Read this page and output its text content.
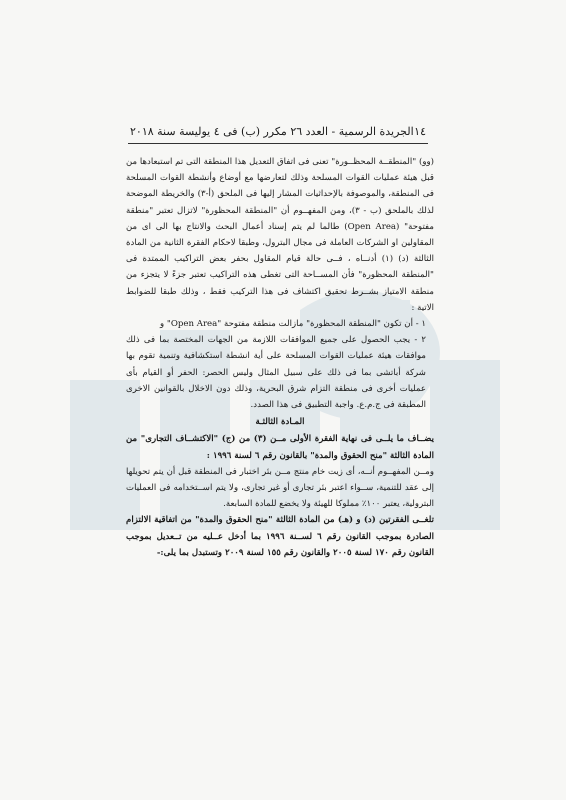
١٤
الجريدة الرسمية - العدد ٢٦ مكرر (ب) فى ٤ يوليسة سنة ٢٠١٨

(وو) "المنطقــة المحظــورة" تعنى فى اتفاق التعديل هذا المنطقة التى تم استبعادها من قبل هيئة عمليات القوات المسلحة وذلك لتعارضها مع أوضاع وأنشطة القوات المسلحة فى المنطقة، والموصوفة بالإحداثيات المشار إليها فى الملحق (أ-٣) والخريطة الموضحة لذلك بالملحق (ب - ٣)، ومن المفهــوم أن "المنطقة المحظورة" لاتزال تعتبر "منطقة مفتوحة" (Open Area) طالما لم يتم إسناد أعمال البحث والانتاج بها الى اى من المقاولين او الشركات العاملة فى مجال البترول، وطبقا لاحكام الفقرة الثانية من المادة الثالثة (د) (١) أدنــاه ، فــى حالة قيام المقاول بحفر بعض التراكيب الممتدة فى "المنطقة المحظورة" فأن المســاحة التى تغطى هذه التراكيب تعتبر جزءً لا يتجزء من منطقة الامتياز بشــرط تحقيق اكتشاف فى هذا التركيب فقط ، وذلك طبقا للضوابط الاتية :

١ - أن تكون "المنطقة المحظورة" مازالت منطقة مفتوحة "Open Area" و

٢ - يجب الحصول على جميع الموافقات اللازمة من الجهات المختصة بما فى ذلك موافقات هيئة عمليات القوات المسلحة على أية انشطة استكشافية وتنمية تقوم بها شركة أباتشى بما فى ذلك على سبيل المثال وليس الحصر: الحفر أو القيام بأى عمليات أخرى فى منطقة التزام شرق البحرية، وذلك دون الاخلال بالقوانين الاخرى المطبقة فى ج.م.ع. واجبة التطبيق فى هذا الصدد.

المـادة الثالثـة

يضــاف ما يلــى فى نهاية الفقرة الأولى مــن (٣) من (ج) "الاكتشــاف التجارى" من المادة الثالثة "منح الحقوق والمدة" بالقانون رقم ٦ لسنة ١٩٩٦ :

ومــن المفهــوم أنــه، أى زيت خام منتج مــن بئر اختبار فى المنطقة قبل أن يتم تحويلها إلى عقد للتنمية، ســواء اعتبر بئر تجارى أو غير تجارى، ولا يتم اســتخدامه فى العمليات البترولية، يعتبر ١٠٠٪ مملوكا للهيئة ولا يخضع للمادة السابعة.

تلغــى الفقرتين (د) و (هـ) من المادة الثالثة "منح الحقوق والمدة" من اتفاقية الالتزام الصادرة بموجب القانون رقم ٦ لســنة ١٩٩٦ بما أدخل عــليه من تــعديل بموجب القانون رقم ١٧٠ لسنة ٢٠٠٥ والقانون رقم ١٥٥ لسنة ٢٠٠٩ وتستبدل بما يلى:-
